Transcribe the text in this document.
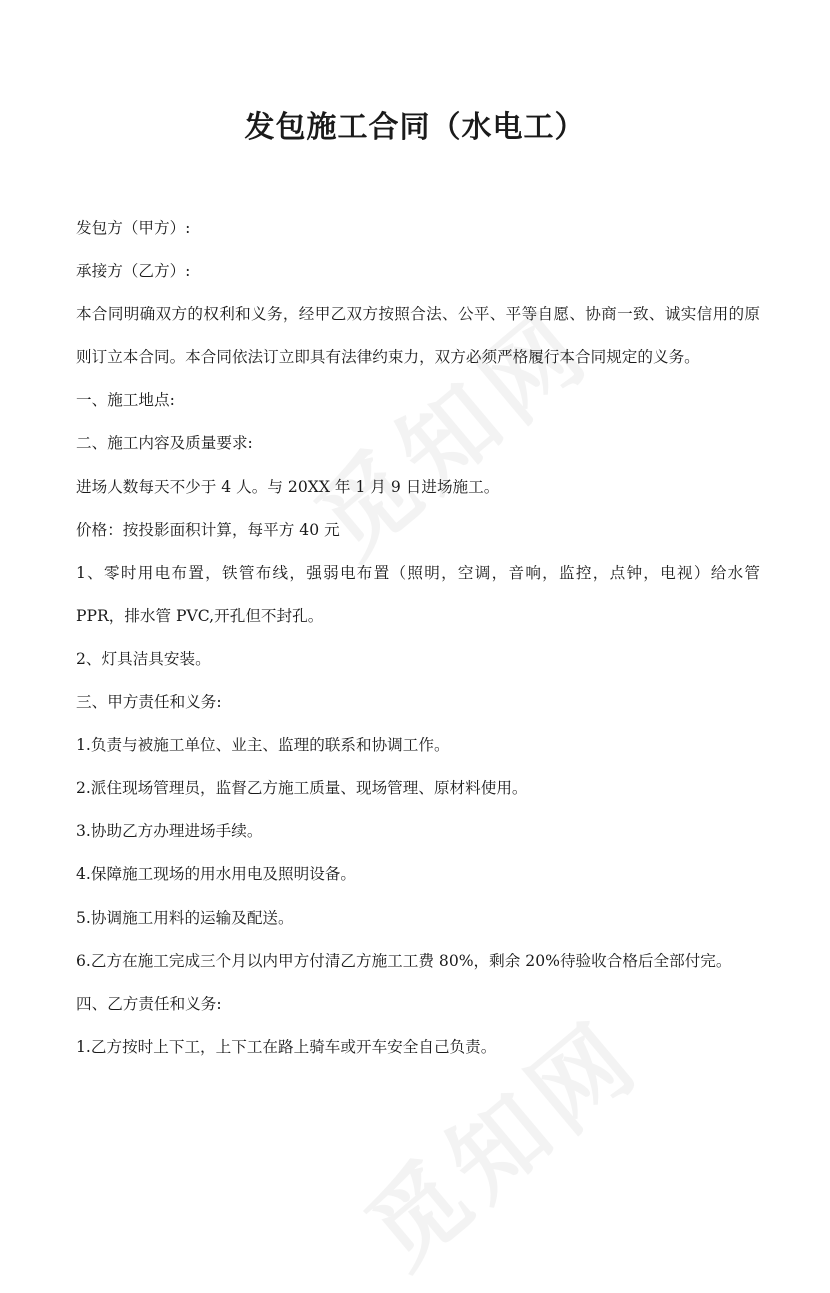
发包施工合同（水电工）

发包方（甲方）:

承接方（乙方）:

本合同明确双方的权利和义务，经甲乙双方按照合法、公平、平等自愿、协商一致、诚实信用的原则订立本合同。本合同依法订立即具有法律约束力，双方必须严格履行本合同规定的义务。

一、施工地点:

二、施工内容及质量要求:

进场人数每天不少于 4 人。与 20XX 年 1 月 9 日进场施工。

价格：按投影面积计算，每平方 40 元

1、零时用电布置，铁管布线，强弱电布置（照明，空调，音响，监控，点钟，电视）给水管 PPR，排水管 PVC,开孔但不封孔。

2、灯具洁具安装。

三、甲方责任和义务:

1.负责与被施工单位、业主、监理的联系和协调工作。

2.派住现场管理员，监督乙方施工质量、现场管理、原材料使用。

3.协助乙方办理进场手续。

4.保障施工现场的用水用电及照明设备。

5.协调施工用料的运输及配送。

6.乙方在施工完成三个月以内甲方付清乙方施工工费 80%，剩余 20%待验收合格后全部付完。

四、乙方责任和义务:

1.乙方按时上下工，上下工在路上骑车或开车安全自己负责。
